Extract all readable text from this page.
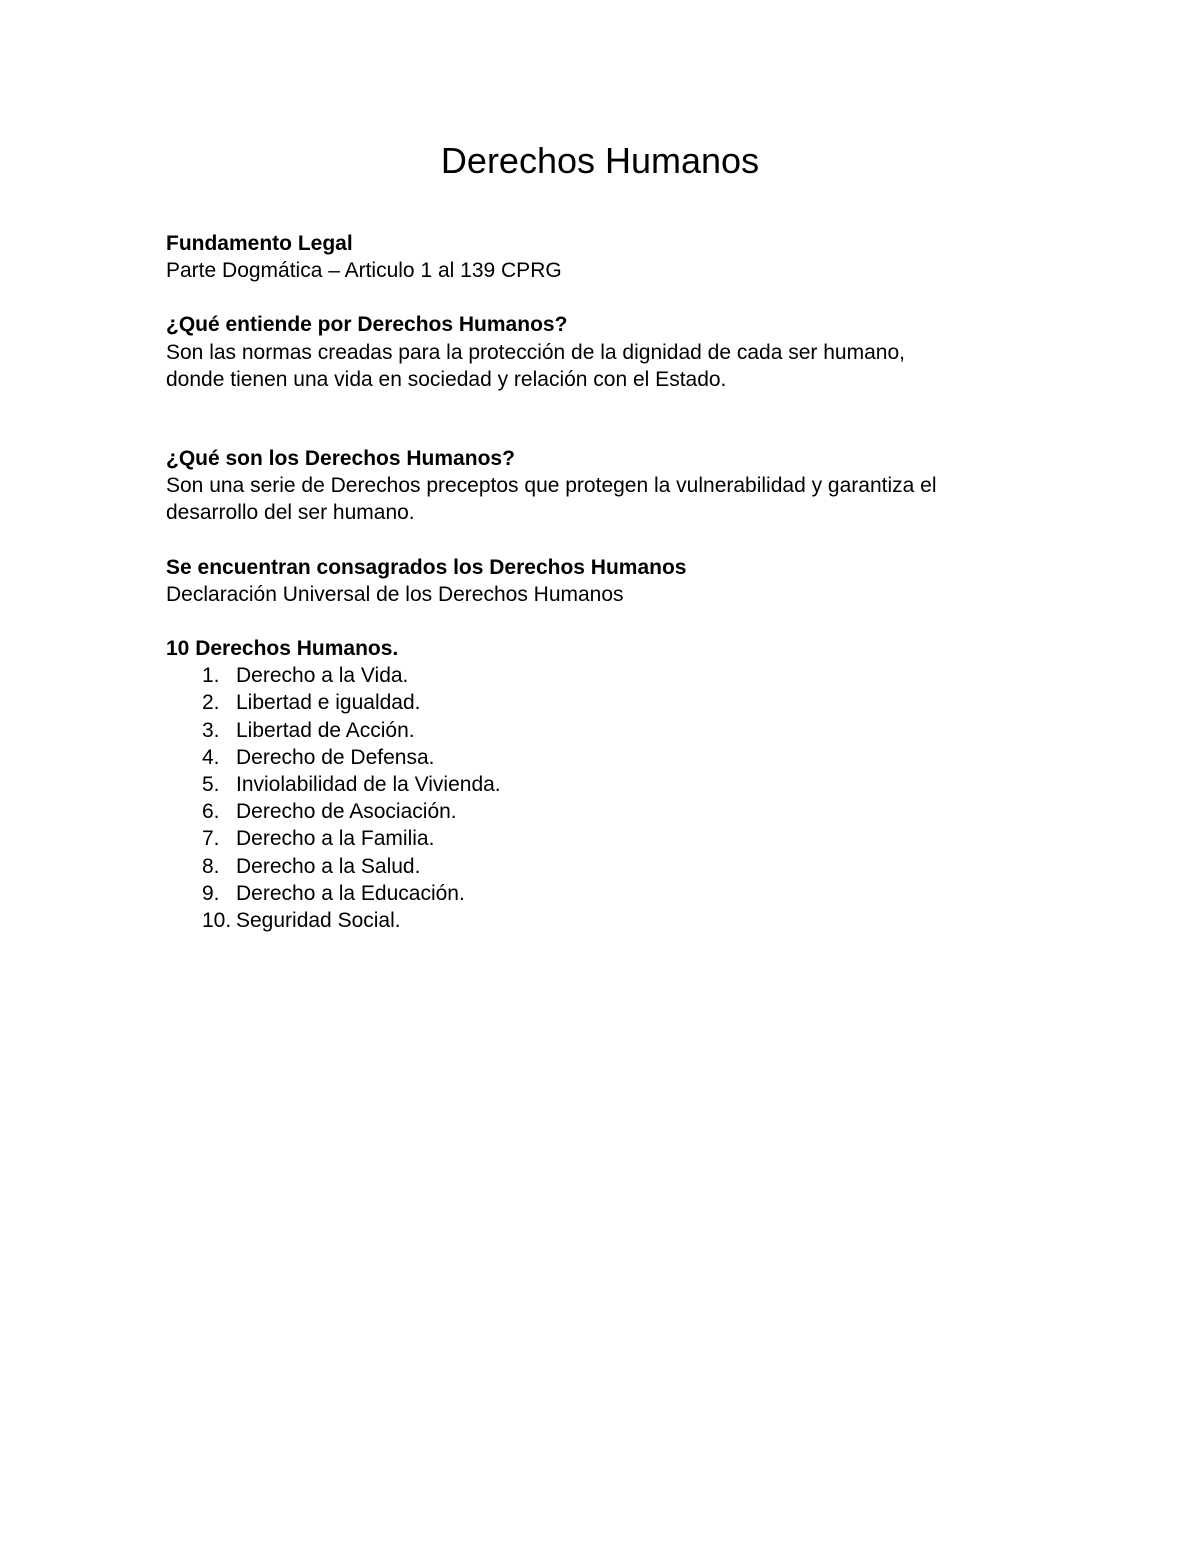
Derechos Humanos

Fundamento Legal

Parte Dogmática – Articulo 1 al 139 CPRG

¿Qué entiende por Derechos Humanos?

Son las normas creadas para la protección de la dignidad de cada ser humano,

donde tienen una vida en sociedad y relación con el Estado.

¿Qué son los Derechos Humanos?

Son una serie de Derechos preceptos que protegen la vulnerabilidad y garantiza el

desarrollo del ser humano.

Se encuentran consagrados los Derechos Humanos

Declaración Universal de los Derechos Humanos

10 Derechos Humanos.

1. Derecho a la Vida.
2. Libertad e igualdad.
3. Libertad de Acción.
4. Derecho de Defensa.
5. Inviolabilidad de la Vivienda.
6. Derecho de Asociación.
7. Derecho a la Familia.
8. Derecho a la Salud.
9. Derecho a la Educación.
10. Seguridad Social.
